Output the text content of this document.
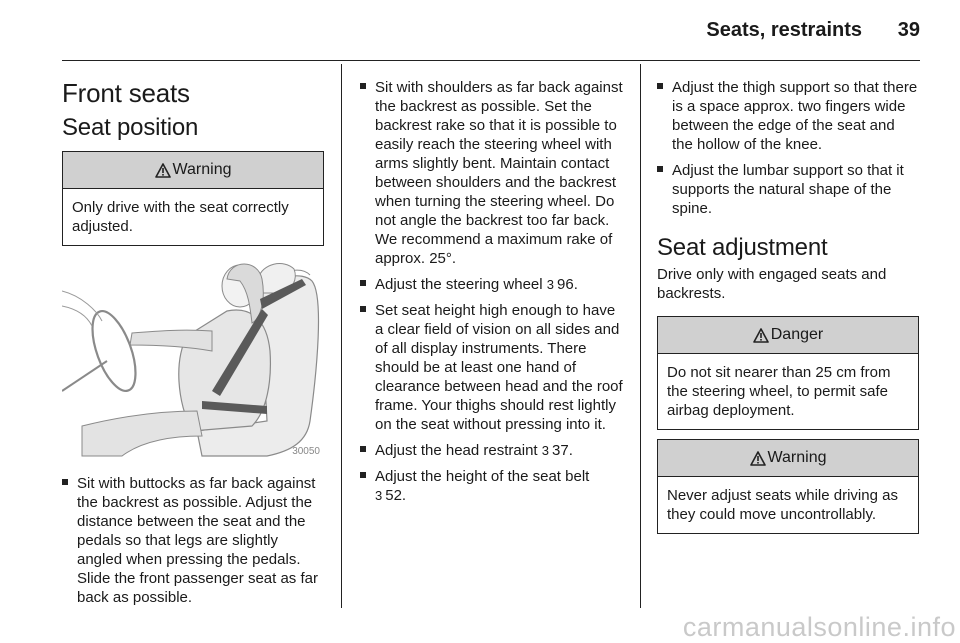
Seats, restraints 39
Front seats
Seat position
Warning
Only drive with the seat correctly adjusted.
30050
Sit with buttocks as far back against the backrest as possible. Adjust the distance between the seat and the pedals so that legs are slightly angled when pressing the pedals. Slide the front passenger seat as far back as possible.
Sit with shoulders as far back against the backrest as possible. Set the backrest rake so that it is possible to easily reach the steering wheel with arms slightly bent. Maintain contact between shoulders and the backrest when turning the steering wheel. Do not angle the backrest too far back. We recommend a maximum rake of approx. 25°.
Adjust the steering wheel 3 96.
Set seat height high enough to have a clear field of vision on all sides and of all display instruments. There should be at least one hand of clearance between head and the roof frame. Your thighs should rest lightly on the seat without pressing into it.
Adjust the head restraint 3 37.
Adjust the height of the seat belt
3 52.
Adjust the thigh support so that there is a space approx. two fingers wide between the edge of the seat and the hollow of the knee.
Adjust the lumbar support so that it supports the natural shape of the spine.
Seat adjustment

Drive only with engaged seats and backrests.

Danger
Do not sit nearer than 25 cm from the steering wheel, to permit safe airbag deployment.
Warning
Never adjust seats while driving as they could move uncontrollably.
carmanualsonline.info
